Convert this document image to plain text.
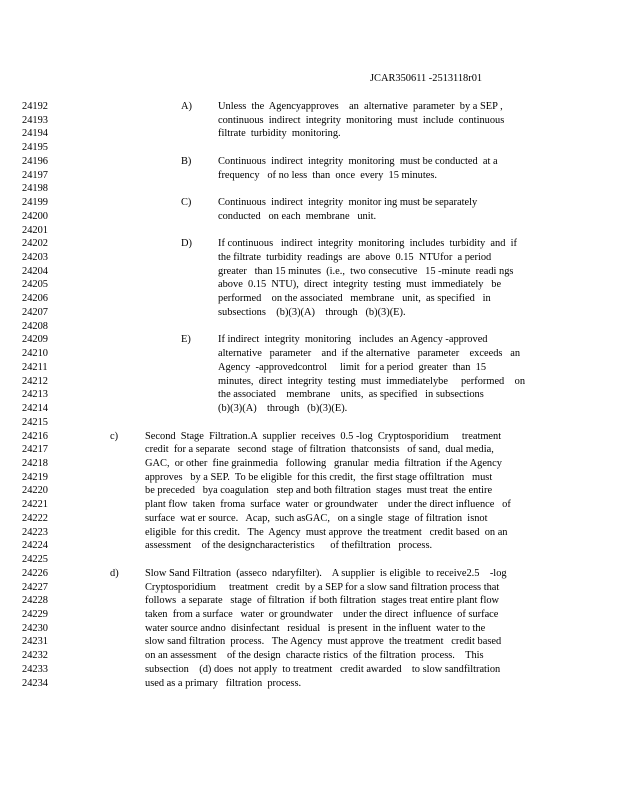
JCAR350611 -2513118r01
24192	A)	Unless  the  Agencyapproves    an  alternative  parameter  by a SEP ,
24193	continuous  indirect  integrity  monitoring  must  include  continuous
24194	filtrate  turbidity  monitoring.
24195
24196	B)	Continuous  indirect  integrity  monitoring  must be conducted  at a
24197	frequency   of no less  than  once  every  15 minutes.
24198
24199	C)	Continuous  indirect  integrity  monitor ing must be separately
24200	conducted   on each  membrane   unit.
24201
24202	D)	If continuous   indirect  integrity  monitoring  includes  turbidity  and  if
24203	the filtrate  turbidity  readings  are  above  0.15  NTUfor  a period
24204	greater   than 15 minutes  (i.e.,  two consecutive   15 -minute  readi ngs
24205	above  0.15  NTU),  direct  integrity  testing  must  immediately   be
24206	performed    on the associated   membrane   unit,  as specified   in
24207	subsections    (b)(3)(A)    through   (b)(3)(E).
24208
24209	E)	If indirect  integrity  monitoring   includes  an Agency -approved
24210	alternative   parameter    and  if the alternative   parameter    exceeds   an
24211	Agency  -approvedcontrol     limit  for a period  greater  than  15
24212	minutes,  direct  integrity  testing  must  immediatelybe     performed    on
24213	the associated    membrane    units,  as specified   in subsections
24214	(b)(3)(A)    through   (b)(3)(E).
24215
24216	c)	Second  Stage  Filtration.A  supplier  receives  0.5 -log  Cryptosporidium     treatment
24217	credit  for a separate   second  stage  of filtration  thatconsists   of sand,  dual media,
24218	GAC,  or other  fine grainmedia   following   granular  media  filtration  if the Agency
24219	approves   by a SEP.  To be eligible  for this credit,  the first stage offiltration   must
24220	be preceded   bya coagulation   step and both filtration  stages  must treat  the entire
24221	plant flow  taken  froma  surface  water  or groundwater    under the direct influence   of
24222	surface  wat er source.   Acap,  such asGAC,   on a single  stage  of filtration  isnot
24223	eligible  for this credit.   The  Agency  must approve  the treatment   credit based  on an
24224	assessment    of the designcharacteristics      of thefiltration   process.
24225
24226	d)	Slow Sand Filtration  (asseco  ndaryfilter).    A supplier  is eligible  to receive2.5    -log
24227	Cryptosporidium     treatment   credit  by a SEP for a slow sand filtration process that
24228	follows  a separate   stage  of filtration  if both filtration  stages treat entire plant flow
24229	taken  from a surface   water  or groundwater    under the direct  influence  of surface
24230	water source andno  disinfectant   residual   is present  in the influent  water to the
24231	slow sand filtration  process.   The Agency  must approve  the treatment   credit based
24232	on an assessment    of the design  characte ristics  of the filtration  process.    This
24233	subsection    (d) does  not apply  to treatment   credit awarded    to slow sandfiltration
24234	used as a primary   filtration  process.
